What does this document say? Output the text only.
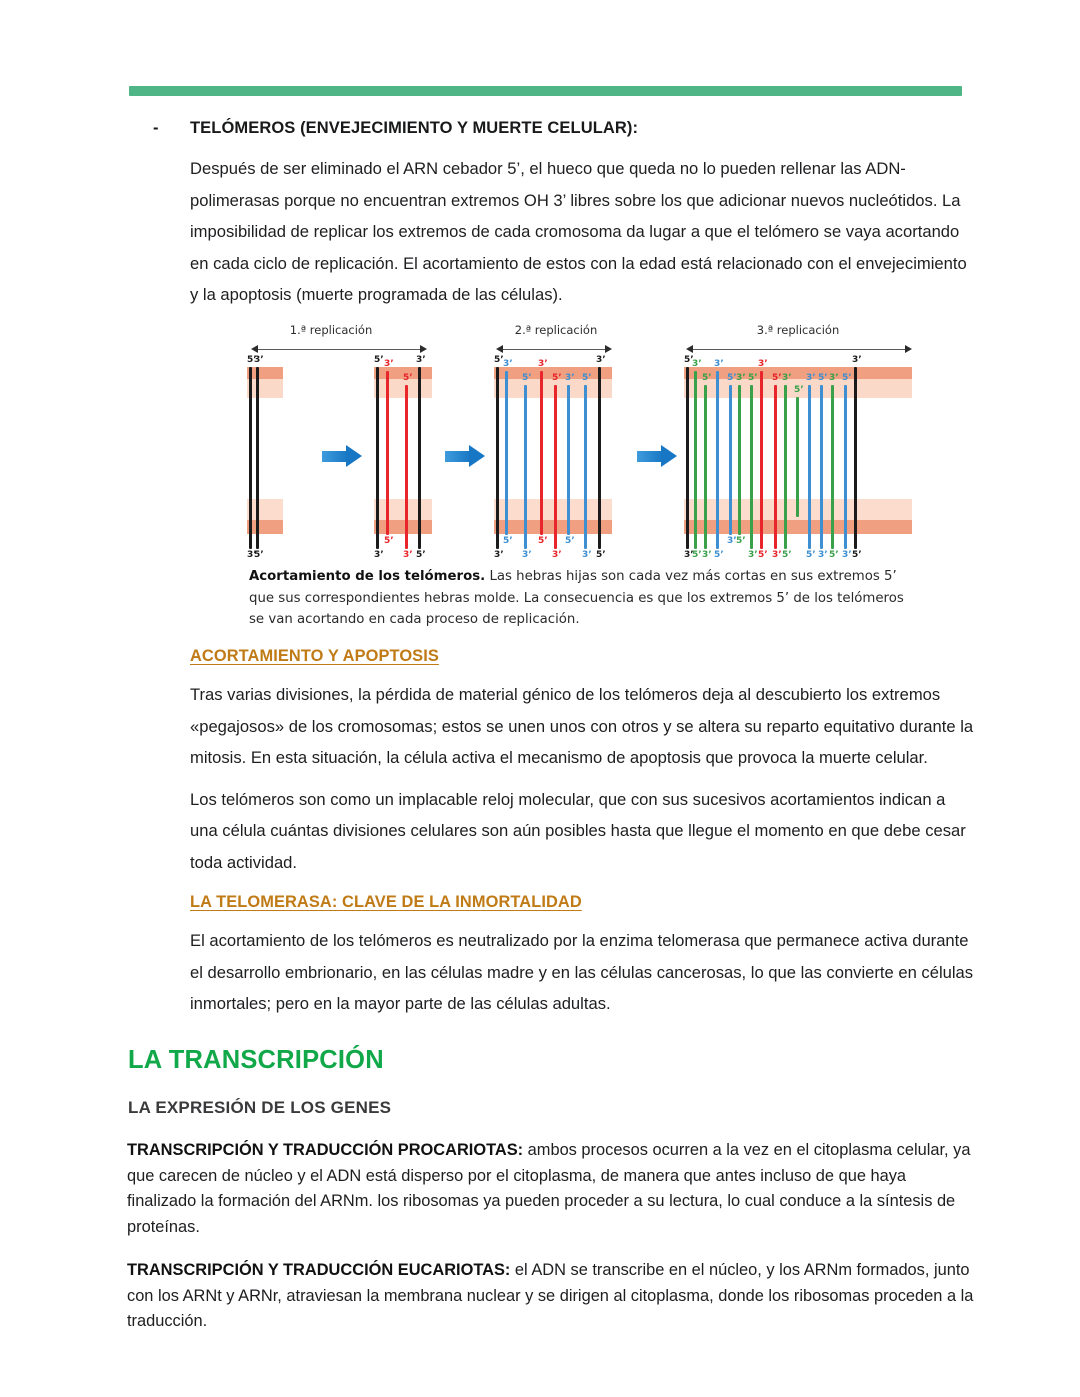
-	TELÓMEROS (ENVEJECIMIENTO Y MUERTE CELULAR):

Después de ser eliminado el ARN cebador 5’, el hueco que queda no lo pueden rellenar las ADN-polimerasas porque no encuentran extremos OH 3’ libres sobre los que adicionar nuevos nucleótidos. La imposibilidad de replicar los extremos de cada cromosoma da lugar a que el telómero se vaya acortando en cada ciclo de replicación. El acortamiento de estos con la edad está relacionado con el envejecimiento y la apoptosis (muerte programada de las células).

1.ª replicación
5’
3’
3’
5’
5’
3’
3’
5’
5’
3’
3’
5’
2.ª replicación
5’
3’
3’
5’
5’
3’
3’
5’
5’
3’
3’
5’
5’
3’
3’
5’
3.ª replicación
5’
3’
3’
5’
5’
3’
3’
5’
5’
3’
3’
5’
5’
3’
3’
5’
5’
3’
3’
5’
5’
3’
5’
5’
3’
3’
5’
5’
3’
3’
5’
Acortamiento de los telómeros. Las hebras hijas son cada vez más cortas en sus extremos 5’ que sus correspondientes hebras molde. La consecuencia es que los extremos 5’ de los telómeros se van acortando en cada proceso de replicación.

ACORTAMIENTO Y APOPTOSIS

Tras varias divisiones, la pérdida de material génico de los telómeros deja al descubierto los extremos «pegajosos» de los cromosomas; estos se unen unos con otros y se altera su reparto equitativo durante la mitosis. En esta situación, la célula activa el mecanismo de apoptosis que provoca la muerte celular.

Los telómeros son como un implacable reloj molecular, que con sus sucesivos acortamientos indican a una célula cuántas divisiones celulares son aún posibles hasta que llegue el momento en que debe cesar toda actividad.

LA TELOMERASA: CLAVE DE LA INMORTALIDAD

El acortamiento de los telómeros es neutralizado por la enzima telomerasa que permanece activa durante el desarrollo embrionario, en las células madre y en las células cancerosas, lo que las convierte en células inmortales; pero en la mayor parte de las células adultas.

LA TRANSCRIPCIÓN
LA EXPRESIÓN DE LOS GENES

TRANSCRIPCIÓN Y TRADUCCIÓN PROCARIOTAS: ambos procesos ocurren a la vez en el citoplasma celular, ya que carecen de núcleo y el ADN está disperso por el citoplasma, de manera que antes incluso de que haya finalizado la formación del ARNm. los ribosomas ya pueden proceder a su lectura, lo cual conduce a la síntesis de proteínas.

TRANSCRIPCIÓN Y TRADUCCIÓN EUCARIOTAS: el ADN se transcribe en el núcleo, y los ARNm formados, junto con los ARNt y ARNr, atraviesan la membrana nuclear y se dirigen al citoplasma, donde los ribosomas proceden a la traducción.
